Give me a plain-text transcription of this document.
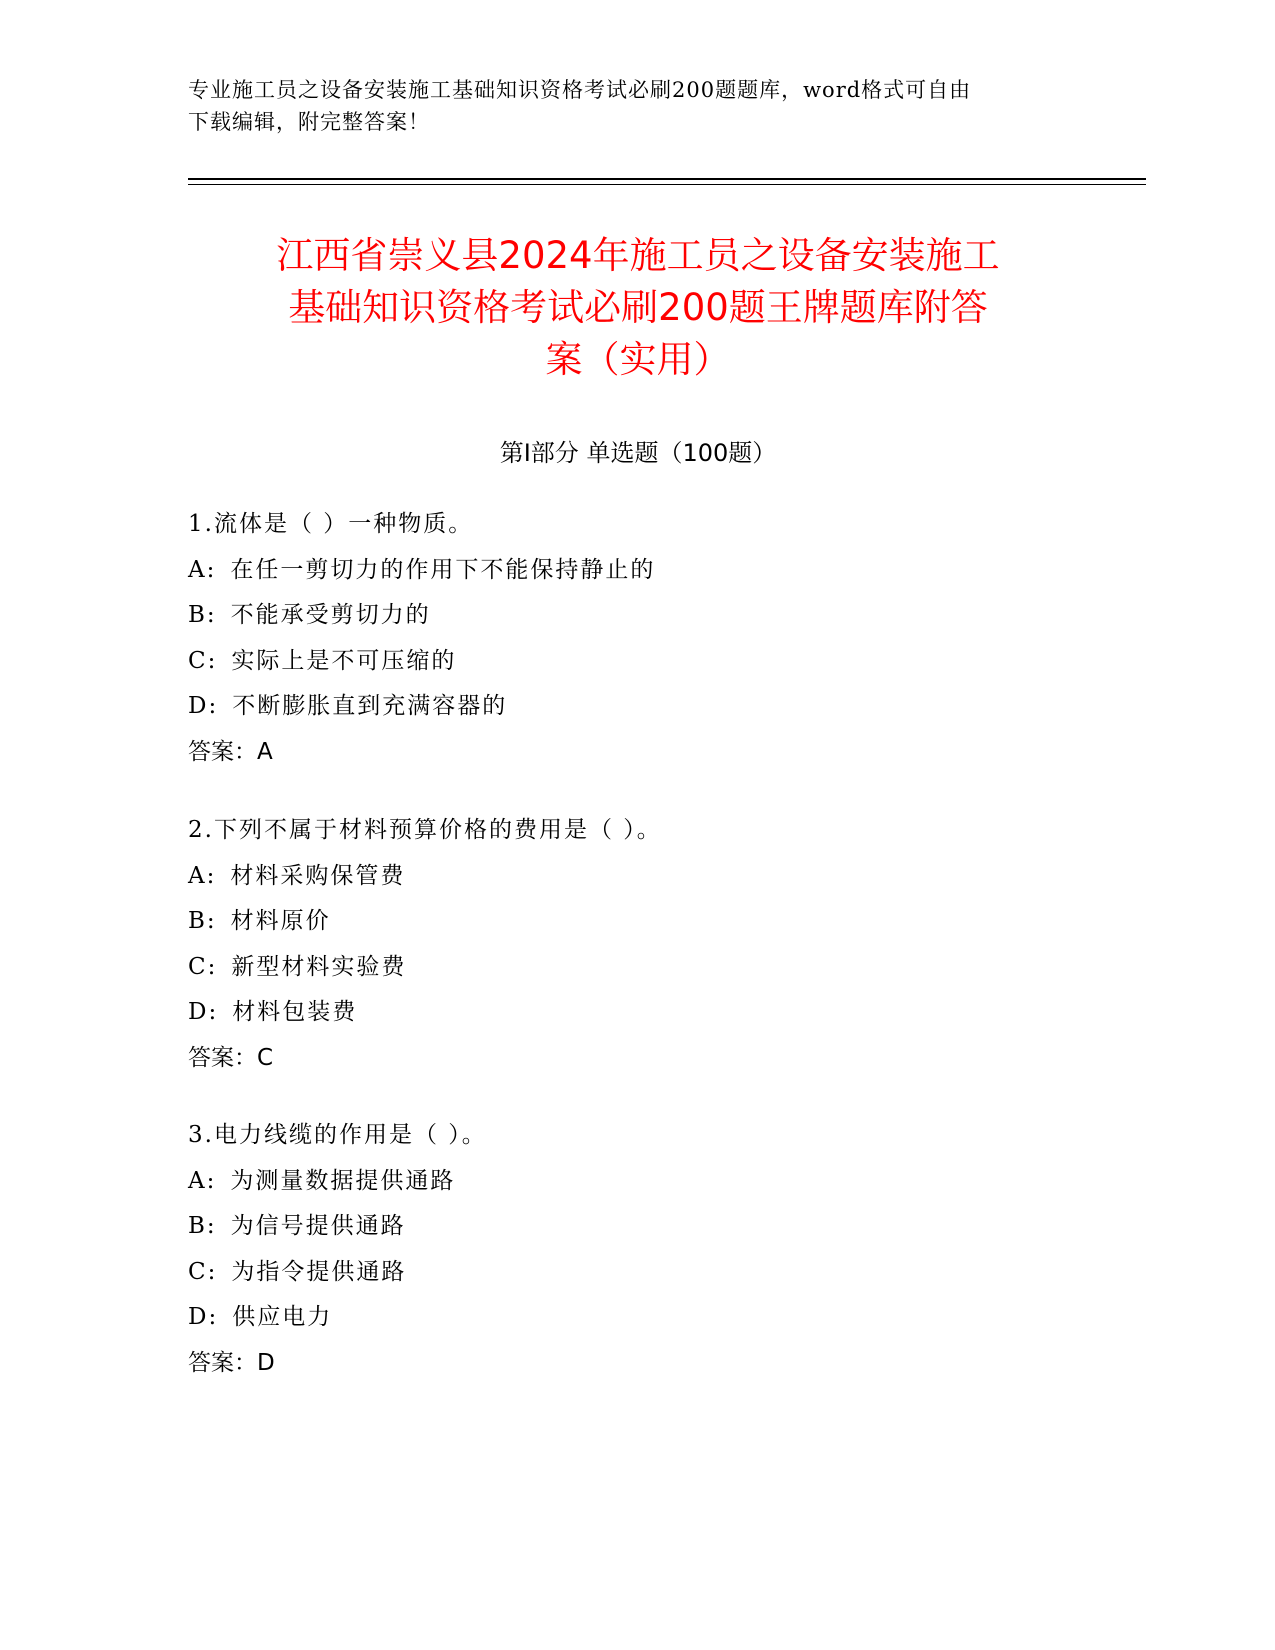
专业施工员之设备安装施工基础知识资格考试必刷200题题库，word格式可自由
下载编辑，附完整答案！
江西省崇义县2024年施工员之设备安装施工
基础知识资格考试必刷200题王牌题库附答
案（实用）
第Ⅰ部分 单选题（100题）
1.流体是（ ）一种物质。
A: 在任一剪切力的作用下不能保持静止的
B: 不能承受剪切力的
C: 实际上是不可压缩的
D: 不断膨胀直到充满容器的
答案：A
2.下列不属于材料预算价格的费用是（ ）。
A: 材料采购保管费
B: 材料原价
C: 新型材料实验费
D: 材料包装费
答案：C
3.电力线缆的作用是（ ）。
A: 为测量数据提供通路
B: 为信号提供通路
C: 为指令提供通路
D: 供应电力
答案：D
